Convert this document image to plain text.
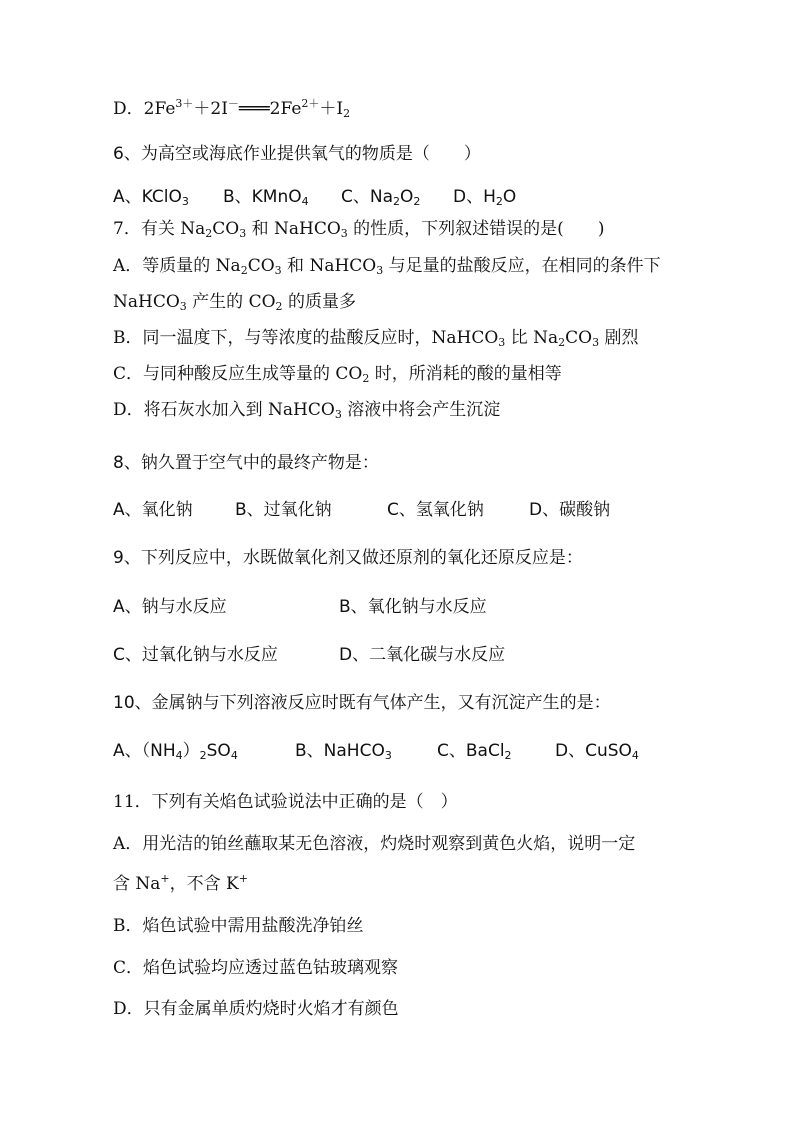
D．$2Fe^{3+}+2I^-═══2Fe^{2+}+I_2$
6、为高空或海底作业提供氧气的物质是（　　）
A、KClO$_3$ B、KMnO$_4$ C、$Na_2O_2$ D、$H_2O$
7．有关 $Na_2CO_3$ 和 NaHCO$_3$ 的性质，下列叙述错误的是(　　)
A．等质量的 $Na_2CO_3$ 和 NaHCO$_3$ 与足量的盐酸反应，在相同的条件下
NaHCO$_3$ 产生的 $CO_2$ 的质量多
B．同一温度下，与等浓度的盐酸反应时，NaHCO$_3$ 比 $Na_2CO_3$ 剧烈
C．与同种酸反应生成等量的 $CO_2$ 时，所消耗的酸的量相等
D．将石灰水加入到 NaHCO$_3$ 溶液中将会产生沉淀
8、钠久置于空气中的最终产物是：
A、氧化钠 B、过氧化钠	C、氢氧化钠	D、碳酸钠
9、下列反应中，水既做氧化剂又做还原剂的氧化还原反应是：
A、钠与水反应	B、氧化钠与水反应
C、过氧化钠与水反应	D、二氧化碳与水反应
10、金属钠与下列溶液反应时既有气体产生，又有沉淀产生的是：
A、$(NH_4)_2SO_4$	B、NaHCO$_3$	C、BaCl$_2$	D、CuSO$_4$
11．下列有关焰色试验说法中正确的是（　）
A．用光洁的铂丝蘸取某无色溶液，灼烧时观察到黄色火焰，说明一定
含 Na+，不含 K+
B．焰色试验中需用盐酸洗净铂丝
C．焰色试验均应透过蓝色钴玻璃观察
D．只有金属单质灼烧时火焰才有颜色
